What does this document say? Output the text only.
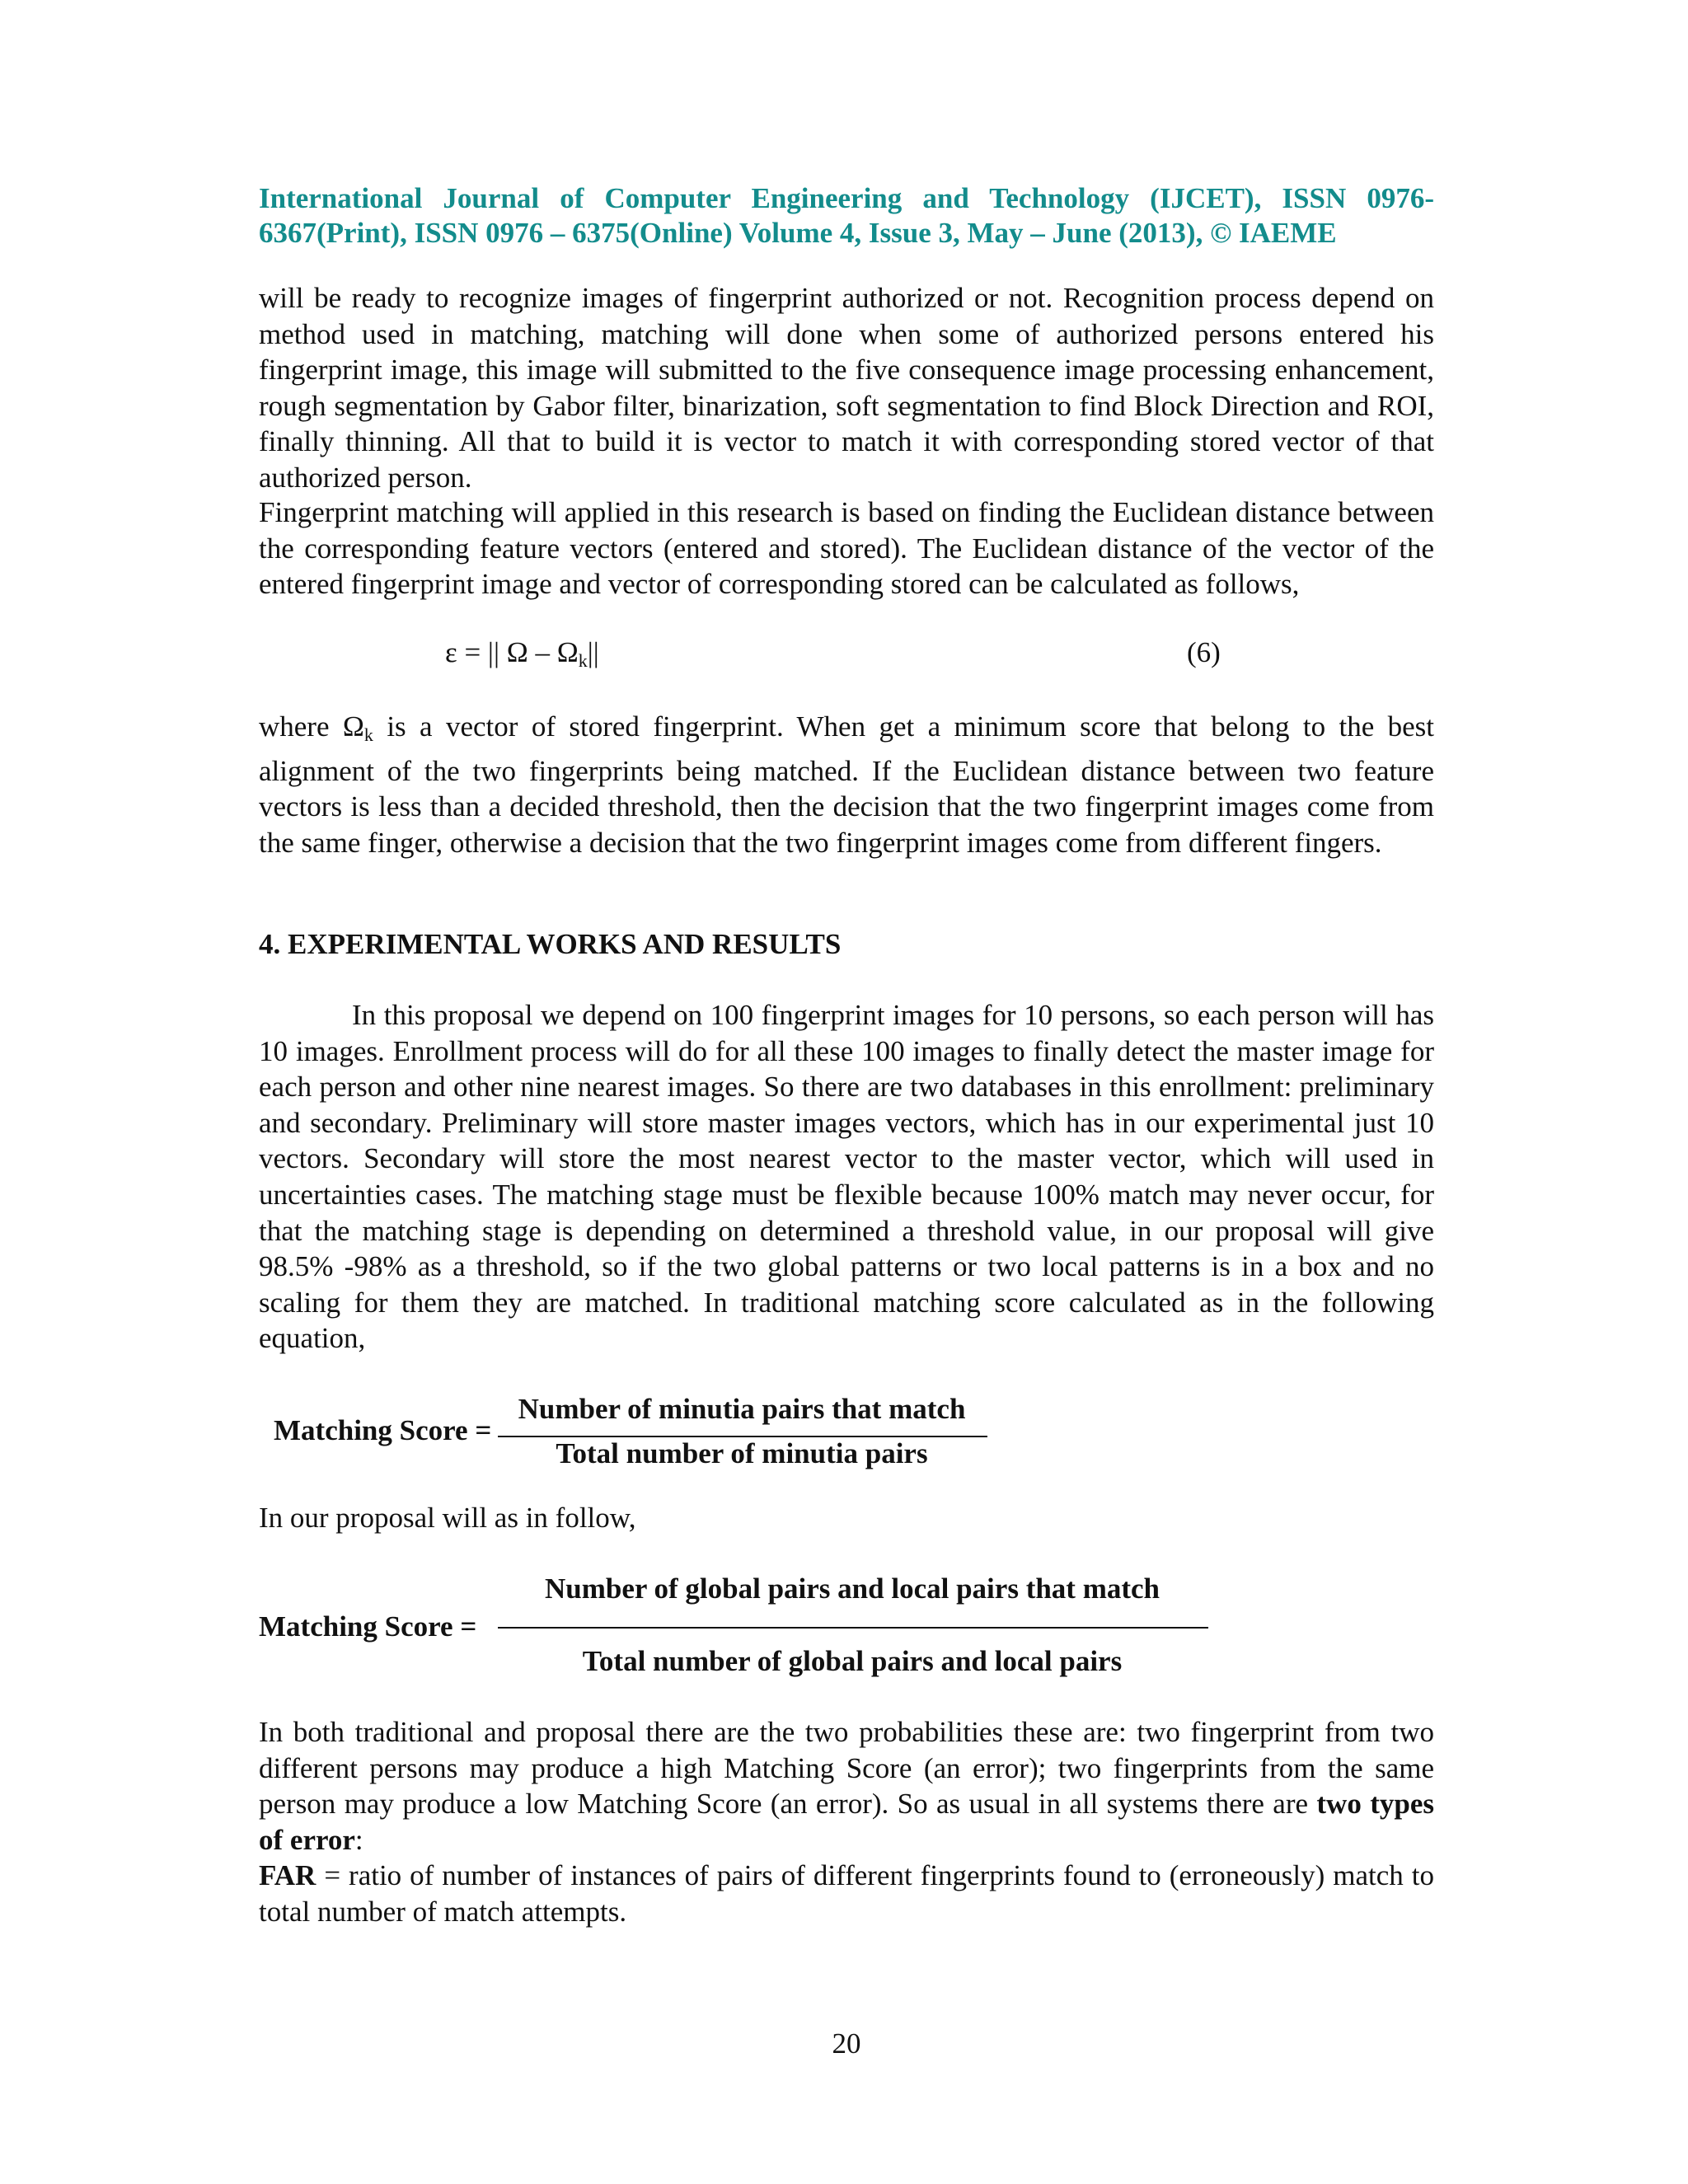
International Journal of Computer Engineering and Technology (IJCET), ISSN 0976-6367(Print), ISSN 0976 – 6375(Online) Volume 4, Issue 3, May – June (2013), © IAEME

will be ready to recognize images of fingerprint authorized or not. Recognition process depend on method used in matching, matching will done when some of authorized persons entered his fingerprint image, this image will submitted to the five consequence image processing enhancement, rough segmentation by Gabor filter, binarization, soft segmentation to find Block Direction and ROI, finally thinning. All that to build it is vector to match it with corresponding stored vector of that authorized person.

Fingerprint matching will applied in this research is based on finding the Euclidean distance between the corresponding feature vectors (entered and stored). The Euclidean distance of the vector of the entered fingerprint image and vector of corresponding stored can be calculated as follows,

ε = || Ω – $\Omega_k||$	(6)

where $\Omega_k$ is a vector of stored fingerprint. When get a minimum score that belong to the best alignment of the two fingerprints being matched. If the Euclidean distance between two feature vectors is less than a decided threshold, then the decision that the two fingerprint images come from the same finger, otherwise a decision that the two fingerprint images come from different fingers.

4. EXPERIMENTAL WORKS AND RESULTS

In this proposal we depend on 100 fingerprint images for 10 persons, so each person will has 10 images. Enrollment process will do for all these 100 images to finally detect the master image for each person and other nine nearest images. So there are two databases in this enrollment: preliminary and secondary. Preliminary will store master images vectors, which has in our experimental just 10 vectors. Secondary will store the most nearest vector to the master vector, which will used in uncertainties cases. The matching stage must be flexible because 100% match may never occur, for that the matching stage is depending on determined a threshold value, in our proposal will give 98.5% -98% as a threshold, so if the two global patterns or two local patterns is in a box and no scaling for them they are matched. In traditional matching score calculated as in the following equation,

Matching Score =
Number of minutia pairs that match
Total number of minutia pairs

In our proposal will as in follow,

Number of global pairs and local pairs that match
Matching Score =
Total number of global pairs and local pairs

In both traditional and proposal there are the two probabilities these are: two fingerprint from two different persons may produce a high Matching Score (an error); two fingerprints from the same person may produce a low Matching Score (an error). So as usual in all systems there are two types of error:

FAR = ratio of number of instances of pairs of different fingerprints found to (erroneously) match to total number of match attempts.

20
